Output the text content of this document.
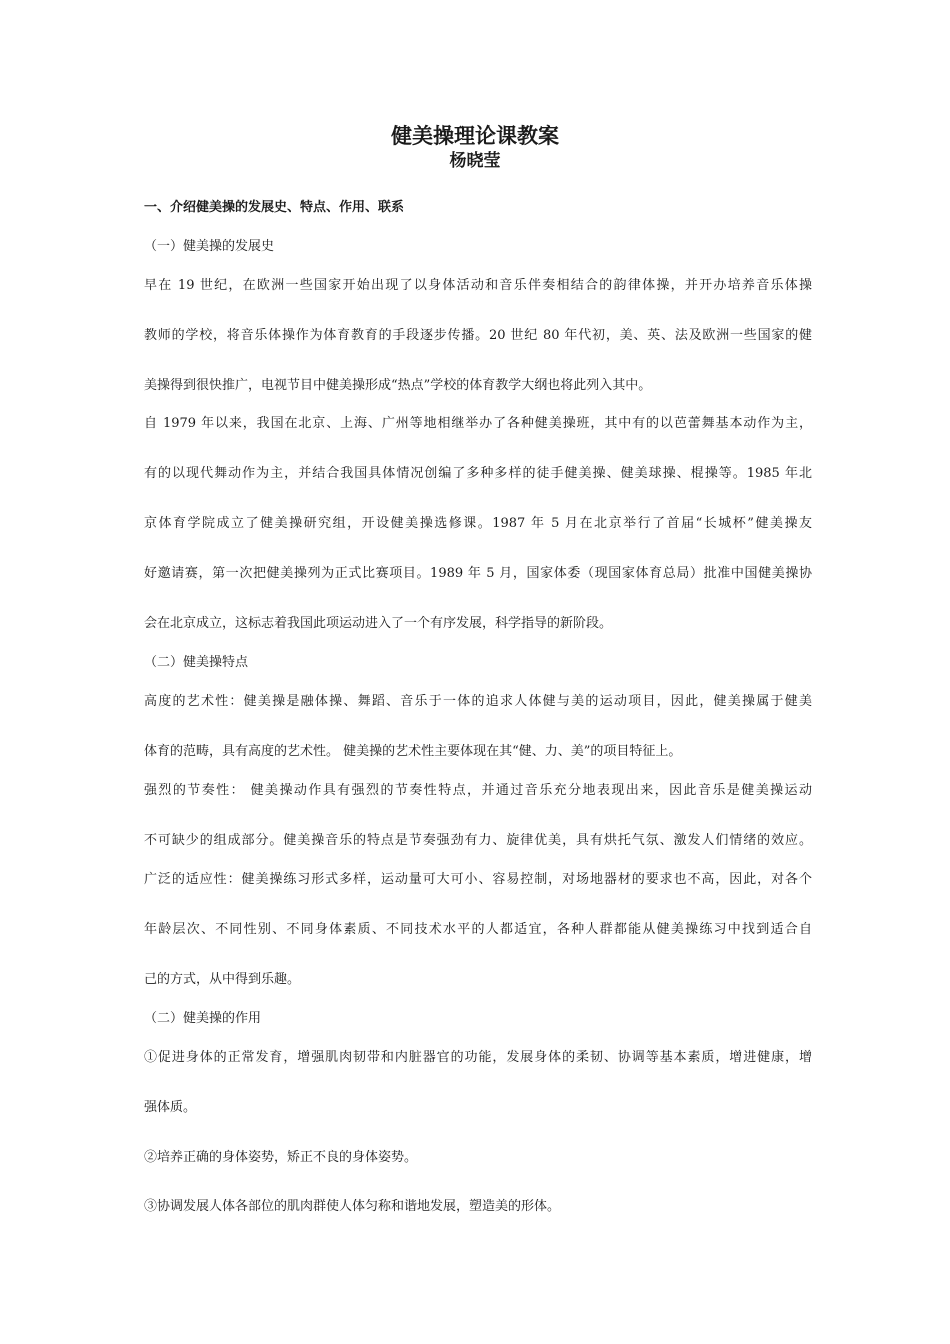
健美操理论课教案
杨晓莹
一、介绍健美操的发展史、特点、作用、联系
（一）健美操的发展史
早在 19 世纪，在欧洲一些国家开始出现了以身体活动和音乐伴奏相结合的韵律体操，并开办培养音乐体操
教师的学校，将音乐体操作为体育教育的手段逐步传播。20 世纪 80 年代初，美、英、法及欧洲一些国家的健
美操得到很快推广，电视节目中健美操形成“热点”学校的体育教学大纲也将此列入其中。
自 1979 年以来，我国在北京、上海、广州等地相继举办了各种健美操班，其中有的以芭蕾舞基本动作为主，
有的以现代舞动作为主，并结合我国具体情况创编了多种多样的徒手健美操、健美球操、棍操等。1985 年北
京体育学院成立了健美操研究组，开设健美操选修课。1987 年 5 月在北京举行了首届“长城杯”健美操友
好邀请赛，第一次把健美操列为正式比赛项目。1989 年 5 月，国家体委（现国家体育总局）批准中国健美操协
会在北京成立，这标志着我国此项运动进入了一个有序发展，科学指导的新阶段。
（二）健美操特点
高度的艺术性：健美操是融体操、舞蹈、音乐于一体的追求人体健与美的运动项目，因此，健美操属于健美
体育的范畴，具有高度的艺术性。 健美操的艺术性主要体现在其“健、力、美”的项目特征上。
强烈的节奏性： 健美操动作具有强烈的节奏性特点，并通过音乐充分地表现出来，因此音乐是健美操运动
不可缺少的组成部分。健美操音乐的特点是节奏强劲有力、旋律优美，具有烘托气氛、激发人们情绪的效应。
广泛的适应性：健美操练习形式多样，运动量可大可小、容易控制，对场地器材的要求也不高，因此，对各个
年龄层次、不同性别、不同身体素质、不同技术水平的人都适宜，各种人群都能从健美操练习中找到适合自
己的方式，从中得到乐趣。
（二）健美操的作用
①促进身体的正常发育，增强肌肉韧带和内脏器官的功能，发展身体的柔韧、协调等基本素质，增进健康，增
强体质。
②培养正确的身体姿势，矫正不良的身体姿势。
③协调发展人体各部位的肌肉群使人体匀称和谐地发展，塑造美的形体。
